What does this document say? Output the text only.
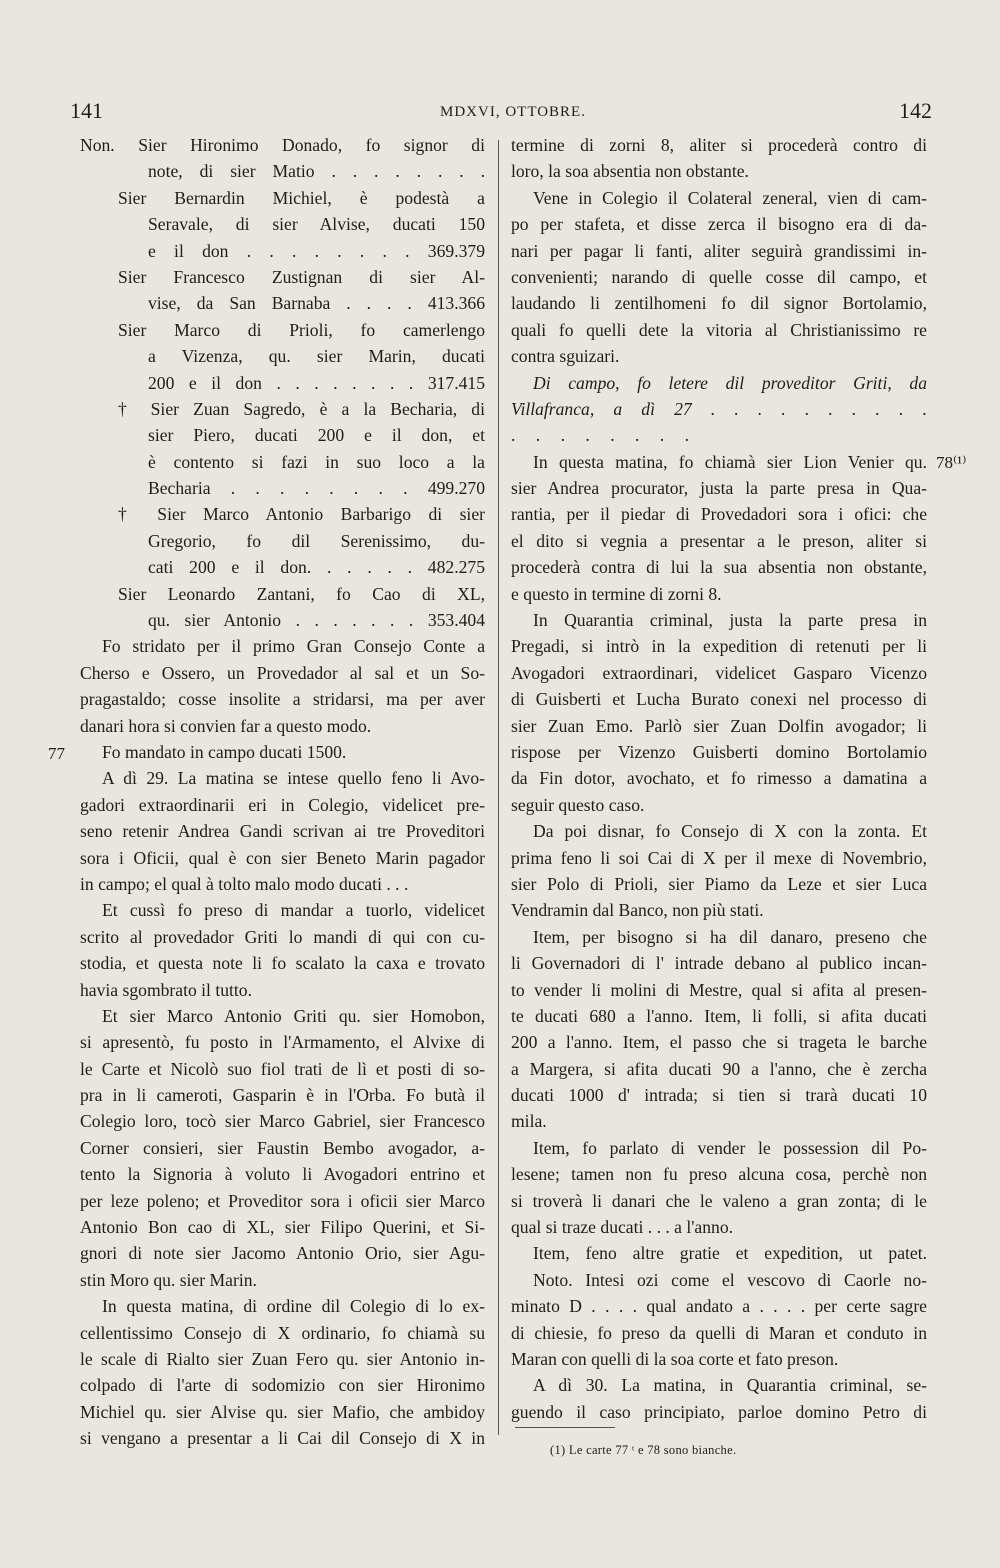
141	MDXVI, OTTOBRE.	142
77
78⁽¹⁾
Non. Sier Hironimo Donado, fo signor di
note, di sier Matio . . . . . . . .
Sier Bernardin Michiel, è podestà a
Seravale, di sier Alvise, ducati 150
e il don . . . . . . . . 369.379
Sier Francesco Zustignan di sier Al-
vise, da San Barnaba . . . . 413.366
Sier Marco di Prioli, fo camerlengo
a Vizenza, qu. sier Marin, ducati
200 e il don . . . . . . . . 317.415
† Sier Zuan Sagredo, è a la Becharia, di
sier Piero, ducati 200 e il don, et
è contento si fazi in suo loco a la
Becharia . . . . . . . . 499.270
† Sier Marco Antonio Barbarigo di sier
Gregorio, fo dil Serenissimo, du-
cati 200 e il don. . . . . . 482.275
Sier Leonardo Zantani, fo Cao di XL,
qu. sier Antonio . . . . . . . 353.404
Fo stridato per il primo Gran Consejo Conte a
Cherso e Ossero, un Provedador al sal et un So-
pragastaldo; cosse insolite a stridarsi, ma per aver
danari hora si convien far a questo modo.
Fo mandato in campo ducati 1500.
A dì 29. La matina se intese quello feno li Avo-
gadori extraordinarii eri in Colegio, videlicet pre-
seno retenir Andrea Gandi scrivan ai tre Proveditori
sora i Oficii, qual è con sier Beneto Marin pagador
in campo; el qual à tolto malo modo ducati . . .
Et cussì fo preso di mandar a tuorlo, videlicet
scrito al provedador Griti lo mandi di qui con cu-
stodia, et questa note li fo scalato la caxa e trovato
havia sgombrato il tutto.
Et sier Marco Antonio Griti qu. sier Homobon,
si apresentò, fu posto in l'Armamento, el Alvixe di
le Carte et Nicolò suo fiol trati de lì et posti di so-
pra in li cameroti, Gasparin è in l'Orba. Fo butà il
Colegio loro, tocò sier Marco Gabriel, sier Francesco
Corner consieri, sier Faustin Bembo avogador, a-
tento la Signoria à voluto li Avogadori entrino et
per leze poleno; et Proveditor sora i oficii sier Marco
Antonio Bon cao di XL, sier Filipo Querini, et Si-
gnori di note sier Jacomo Antonio Orio, sier Agu-
stin Moro qu. sier Marin.
In questa matina, di ordine dil Colegio di lo ex-
cellentissimo Consejo di X ordinario, fo chiamà su
le scale di Rialto sier Zuan Fero qu. sier Antonio in-
colpado di l'arte di sodomizio con sier Hironimo
Michiel qu. sier Alvise qu. sier Mafio, che ambidoy
si vengano a presentar a li Cai dil Consejo di X in
termine di zorni 8, aliter si procederà contro di
loro, la soa absentia non obstante.
Vene in Colegio il Colateral zeneral, vien di cam-
po per stafeta, et disse zerca il bisogno era di da-
nari per pagar li fanti, aliter seguirà grandissimi in-
convenienti; narando di quelle cosse dil campo, et
laudando li zentilhomeni fo dil signor Bortolamio,
quali fo quelli dete la vitoria al Christianissimo re
contra sguizari.
Di campo, fo letere dil proveditor Griti, da
Villafranca, a dì 27 . . . . . . . . . .
. . . . . . . .
In questa matina, fo chiamà sier Lion Venier qu.
sier Andrea procurator, justa la parte presa in Qua-
rantia, per il piedar di Provedadori sora i ofici: che
el dito si vegnia a presentar a le preson, aliter si
procederà contra di lui la sua absentia non obstante,
e questo in termine di zorni 8.
In Quarantia criminal, justa la parte presa in
Pregadi, si intrò in la expedition di retenuti per li
Avogadori extraordinari, videlicet Gasparo Vicenzo
di Guisberti et Lucha Burato conexi nel processo di
sier Zuan Emo. Parlò sier Zuan Dolfin avogador; li
rispose per Vizenzo Guisberti domino Bortolamio
da Fin dotor, avochato, et fo rimesso a damatina a
seguir questo caso.
Da poi disnar, fo Consejo di X con la zonta. Et
prima feno li soi Cai di X per il mexe di Novembrio,
sier Polo di Prioli, sier Piamo da Leze et sier Luca
Vendramin dal Banco, non più stati.
Item, per bisogno si ha dil danaro, preseno che
li Governadori di l' intrade debano al publico incan-
to vender li molini di Mestre, qual si afita al presen-
te ducati 680 a l'anno. Item, li folli, si afita ducati
200 a l'anno. Item, el passo che si trageta le barche
a Margera, si afita ducati 90 a l'anno, che è zercha
ducati 1000 d' intrada; si tien si trarà ducati 10
mila.
Item, fo parlato di vender le possession dil Po-
lesene; tamen non fu preso alcuna cosa, perchè non
si troverà li danari che le valeno a gran zonta; di le
qual si traze ducati . . . a l'anno.
Item, feno altre gratie et expedition, ut patet.
Noto. Intesi ozi come el vescovo di Caorle no-
minato D . . . . qual andato a . . . . per certe sagre
di chiesie, fo preso da quelli di Maran et conduto in
Maran con quelli di la soa corte et fato preson.
A dì 30. La matina, in Quarantia criminal, se-
guendo il caso principiato, parloe domino Petro di
(1) Le carte 77 ᵗ e 78 sono bianche.
